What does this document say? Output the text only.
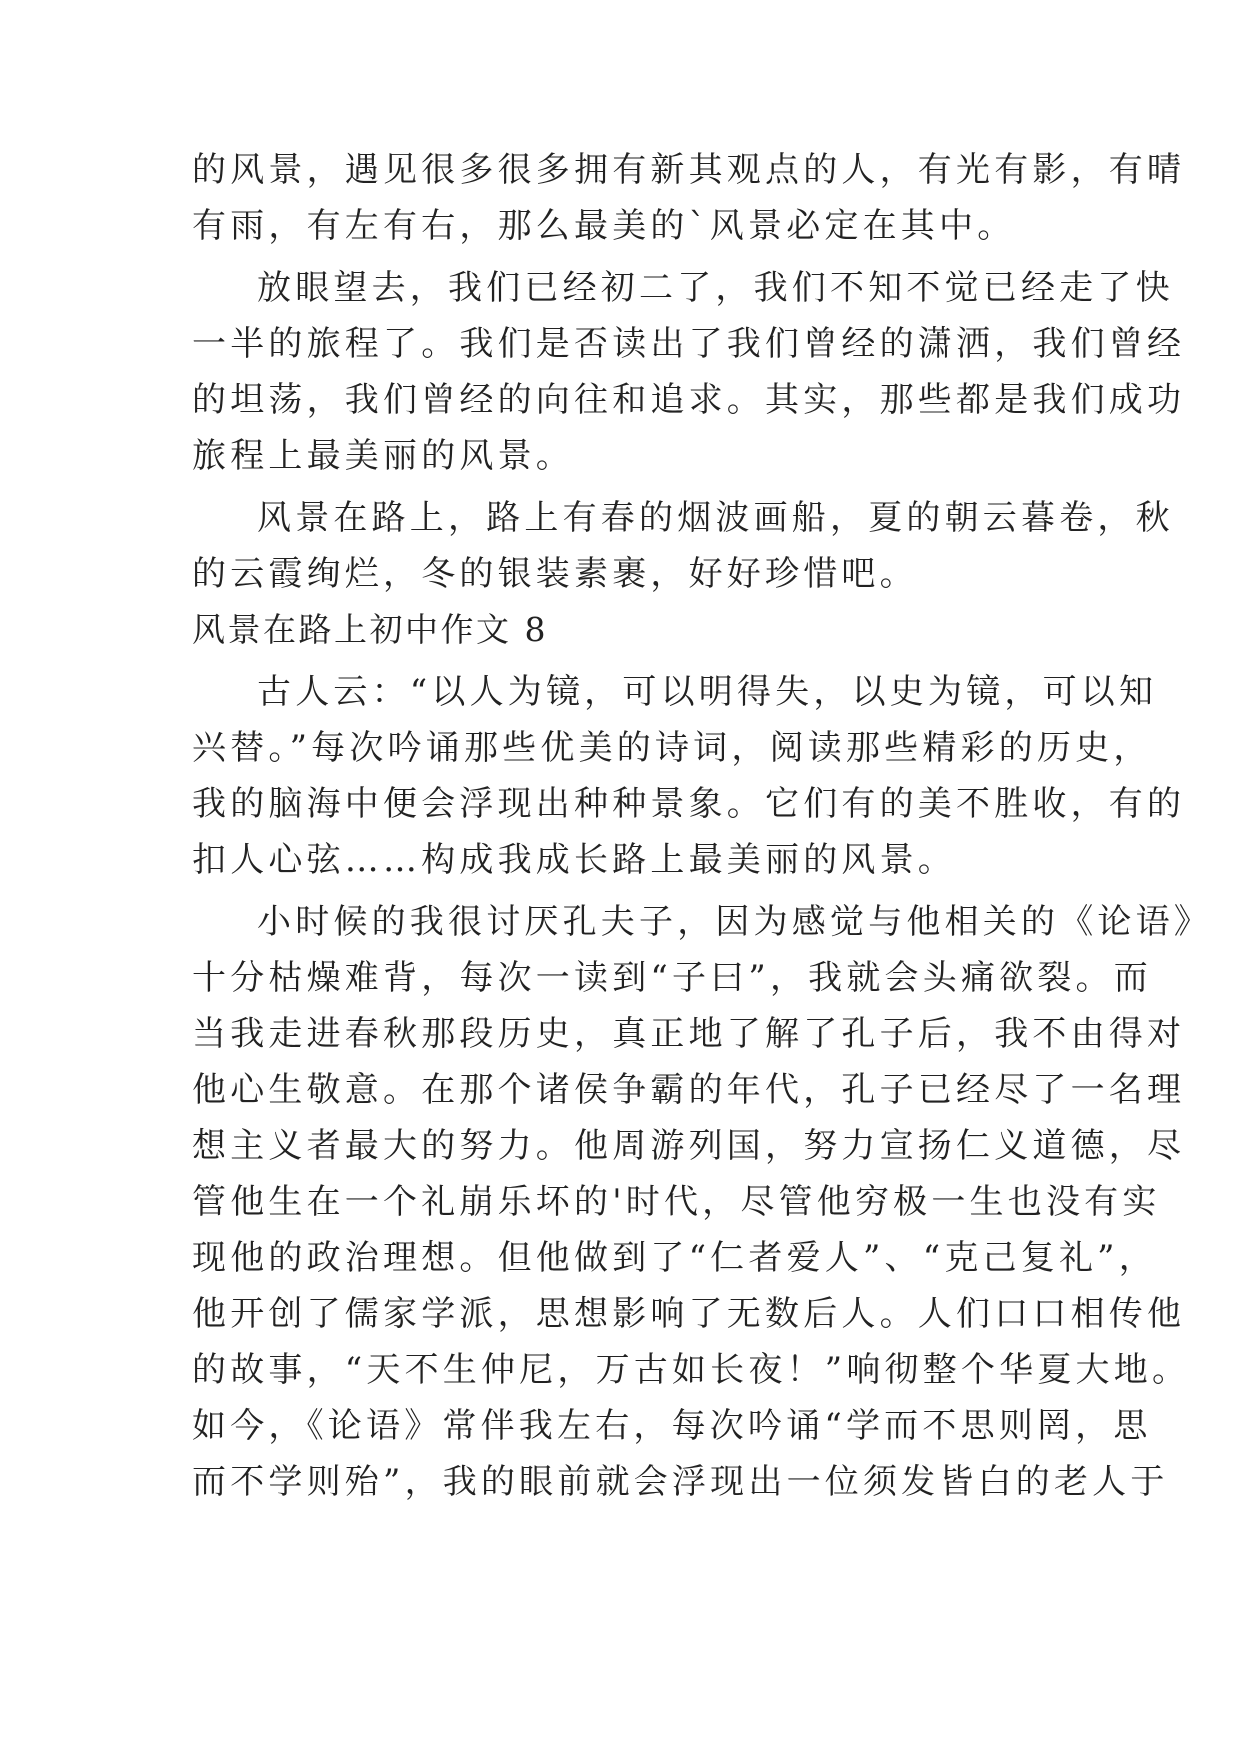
的风景，遇见很多很多拥有新其观点的人，有光有影，有晴
有雨，有左有右，那么最美的`风景必定在其中。
放眼望去，我们已经初二了，我们不知不觉已经走了快
一半的旅程了。我们是否读出了我们曾经的潇洒，我们曾经
的坦荡，我们曾经的向往和追求。其实，那些都是我们成功
旅程上最美丽的风景。
风景在路上，路上有春的烟波画船，夏的朝云暮卷，秋
的云霞绚烂，冬的银装素裹，好好珍惜吧。
风景在路上初中作文 8
古人云：“以人为镜，可以明得失，以史为镜，可以知
兴替。”每次吟诵那些优美的诗词，阅读那些精彩的历史，
我的脑海中便会浮现出种种景象。它们有的美不胜收，有的
扣人心弦……构成我成长路上最美丽的风景。
小时候的我很讨厌孔夫子，因为感觉与他相关的《论语》
十分枯燥难背，每次一读到“子曰”，我就会头痛欲裂。而
当我走进春秋那段历史，真正地了解了孔子后，我不由得对
他心生敬意。在那个诸侯争霸的年代，孔子已经尽了一名理
想主义者最大的努力。他周游列国，努力宣扬仁义道德，尽
管他生在一个礼崩乐坏的'时代，尽管他穷极一生也没有实
现他的政治理想。但他做到了“仁者爱人”、“克己复礼”，
他开创了儒家学派，思想影响了无数后人。人们口口相传他
的故事，“天不生仲尼，万古如长夜！”响彻整个华夏大地。
如今，《论语》常伴我左右，每次吟诵“学而不思则罔，思
而不学则殆”，我的眼前就会浮现出一位须发皆白的老人于
